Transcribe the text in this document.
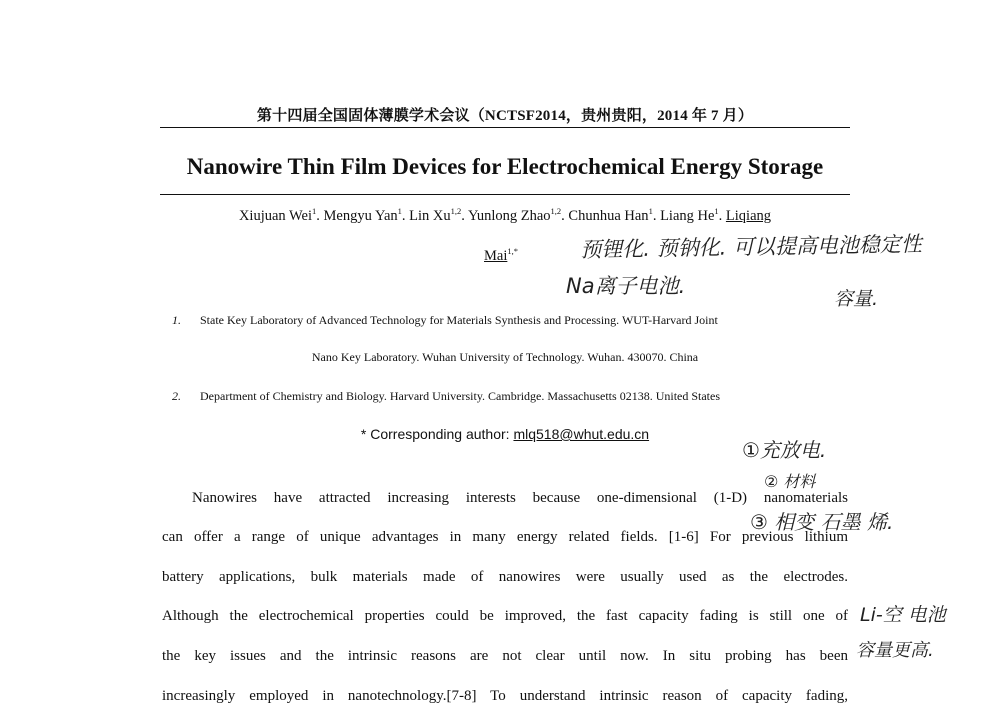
第十四届全国固体薄膜学术会议（NCTSF2014，贵州贵阳，2014 年 7 月）
Nanowire Thin Film Devices for Electrochemical Energy Storage
Xiujuan Wei$^1$. Mengyu Yan$^1$. Lin Xu$^{1,2}$. Yunlong Zhao$^{1,2}$. Chunhua Han$^1$. Liang He$^1$. Liqiang
Mai$^{1,*}$
1. State Key Laboratory of Advanced Technology for Materials Synthesis and Processing. WUT-Harvard Joint
Nano Key Laboratory. Wuhan University of Technology. Wuhan. 430070. China
2. Department of Chemistry and Biology. Harvard University. Cambridge. Massachusetts 02138. United States
* Corresponding author: mlq518@whut.edu.cn
Nanowires have attracted increasing interests because one-dimensional (1-D) nanomaterials
can offer a range of unique advantages in many energy related fields. [1-6] For previous lithium
battery applications, bulk materials made of nanowires were usually used as the electrodes.
Although the electrochemical properties could be improved, the fast capacity fading is still one of
the key issues and the intrinsic reasons are not clear until now. In situ probing has been
increasingly employed in nanotechnology.[7-8] To understand intrinsic reason of capacity fading,
预锂化. 预钠化. 可以提高电池稳定性
Na离子电池.
容量.
①充放电.
② 材料
③ 相变 石墨 烯.
Li-空 电池
容量更高.
